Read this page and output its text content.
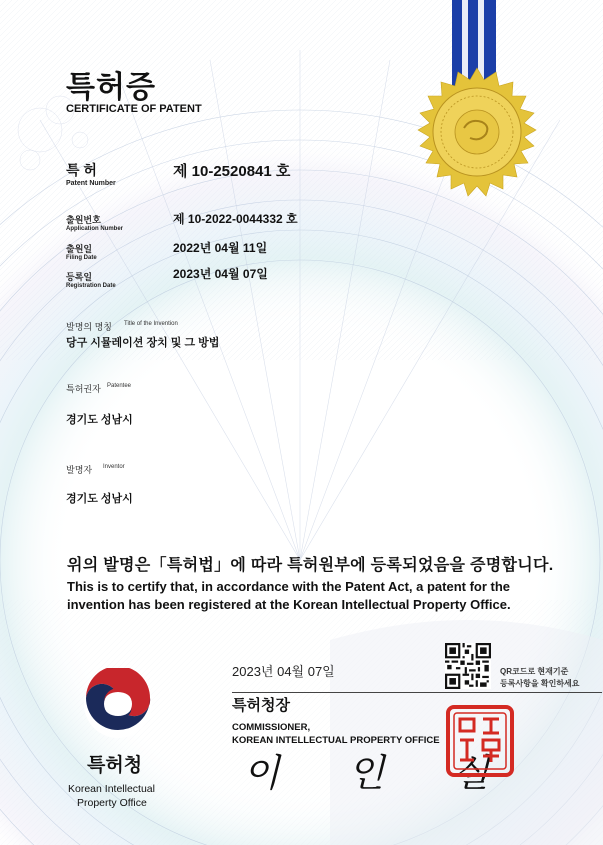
특허증
CERTIFICATE OF PATENT
특 허
Patent Number
제 10-2520841 호
출원번호
Application Number
제 10-2022-0044332 호
출원일
Filing Date
2022년 04월 11일
등록일
Registration Date
2023년 04월 07일
발명의 명칭 Title of the Invention
당구 시뮬레이션 장치 및 그 방법
특허권자 Patentee
경기도 성남시
발명자 Inventor
경기도 성남시
위의 발명은「특허법」에 따라 특허원부에 등록되었음을 증명합니다.
This is to certify that, in accordance with the Patent Act, a patent for the
invention has been registered at the Korean Intellectual Property Office.
2023년 04월 07일	QR코드로 현재기준
등록사항을 확인하세요
특허청장
COMMISSIONER,
KOREAN INTELLECTUAL PROPERTY OFFICE
이 인 실
특허청
Korean Intellectual
Property Office
